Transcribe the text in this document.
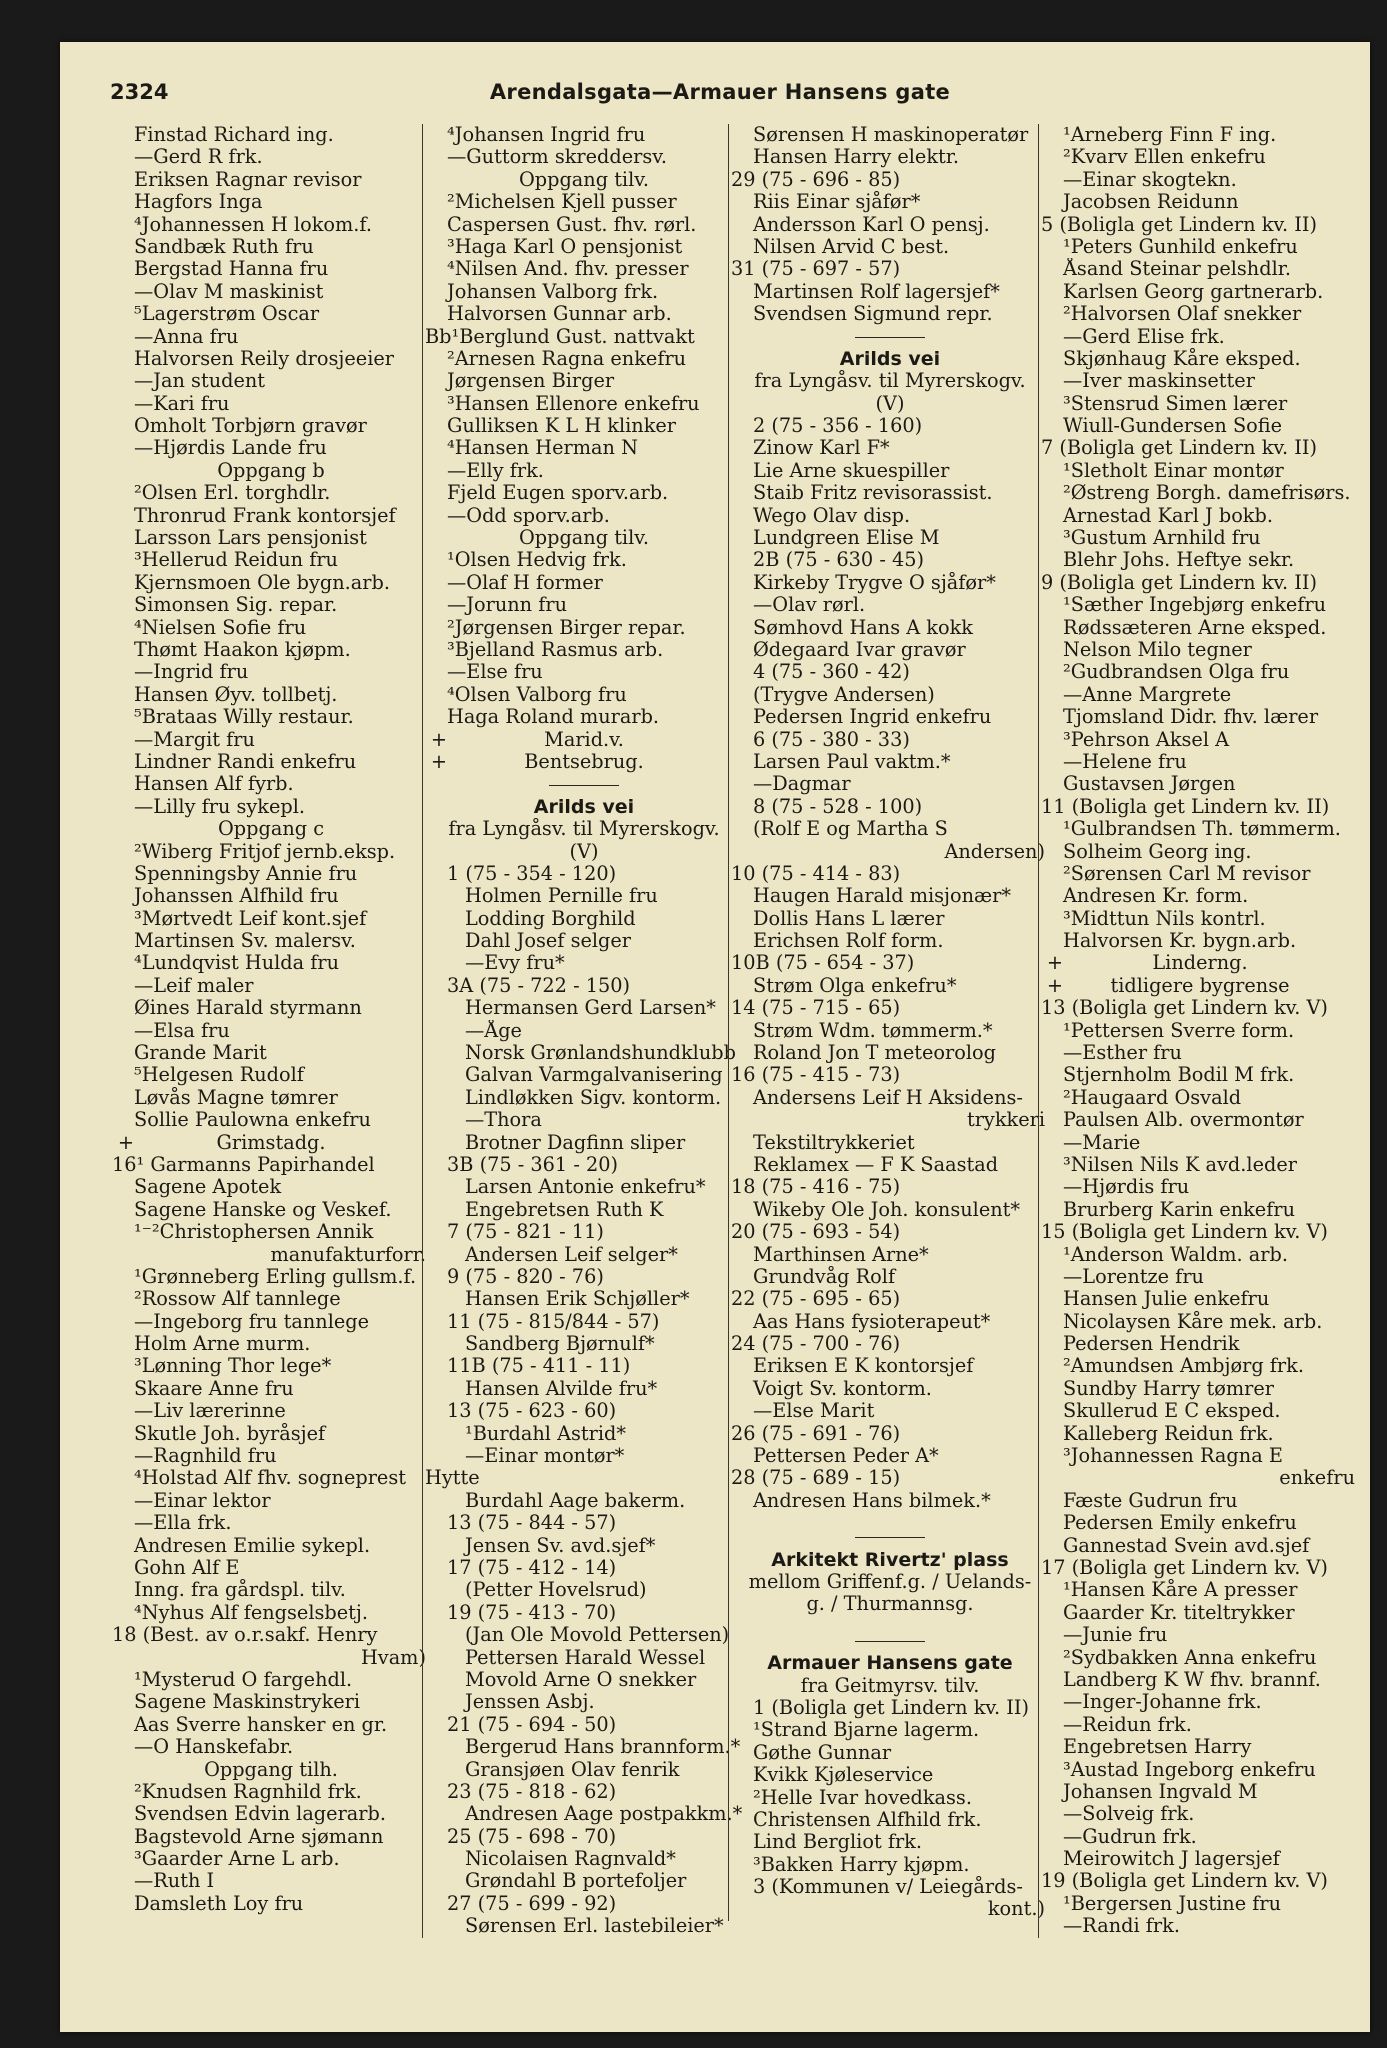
2324	Arendalsgata—Armauer Hansens gate
Finstad Richard ing.
—Gerd R frk.
Eriksen Ragnar revisor
Hagfors Inga
⁴Johannessen H lokom.f.
Sandbæk Ruth fru
Bergstad Hanna fru
—Olav M maskinist
⁵Lagerstrøm Oscar
—Anna fru
Halvorsen Reily drosjeeier
—Jan student
—Kari fru
Omholt Torbjørn gravør
—Hjørdis Lande fru
Oppgang b
²Olsen Erl. torghdlr.
Thronrud Frank kontorsjef
Larsson Lars pensjonist
³Hellerud Reidun fru
Kjernsmoen Ole bygn.arb.
Simonsen Sig. repar.
⁴Nielsen Sofie fru
Thømt Haakon kjøpm.
—Ingrid fru
Hansen Øyv. tollbetj.
⁵Brataas Willy restaur.
—Margit fru
Lindner Randi enkefru
Hansen Alf fyrb.
—Lilly fru sykepl.
Oppgang c
²Wiberg Fritjof jernb.eksp.
Spenningsby Annie fru
Johanssen Alfhild fru
³Mørtvedt Leif kont.sjef
Martinsen Sv. malersv.
⁴Lundqvist Hulda fru
—Leif maler
Øines Harald styrmann
—Elsa fru
Grande Marit
⁵Helgesen Rudolf
Løvås Magne tømrer
Sollie Paulowna enkefru
+	Grimstadg.
16¹ Garmanns Papirhandel
Sagene Apotek
Sagene Hanske og Veskef.
¹⁻²Christophersen Annik
manufakturforr.
¹Grønneberg Erling gullsm.f.
²Rossow Alf tannlege
—Ingeborg fru tannlege
Holm Arne murm.
³Lønning Thor lege*
Skaare Anne fru
—Liv lærerinne
Skutle Joh. byråsjef
—Ragnhild fru
⁴Holstad Alf fhv. sogneprest
—Einar lektor
—Ella frk.
Andresen Emilie sykepl.
Gohn Alf E
Inng. fra gårdspl. tilv.
⁴Nyhus Alf fengselsbetj.
18 (Best. av o.r.sakf. Henry
Hvam)
¹Mysterud O fargehdl.
Sagene Maskinstrykeri
Aas Sverre hansker en gr.
—O Hanskefabr.
Oppgang tilh.
²Knudsen Ragnhild frk.
Svendsen Edvin lagerarb.
Bagstevold Arne sjømann
³Gaarder Arne L arb.
—Ruth I
Damsleth Loy fru
⁴Johansen Ingrid fru
—Guttorm skreddersv.
Oppgang tilv.
²Michelsen Kjell pusser
Caspersen Gust. fhv. rørl.
³Haga Karl O pensjonist
⁴Nilsen And. fhv. presser
Johansen Valborg frk.
Halvorsen Gunnar arb.
Bb¹Berglund Gust. nattvakt
²Arnesen Ragna enkefru
Jørgensen Birger
³Hansen Ellenore enkefru
Gulliksen K L H klinker
⁴Hansen Herman N
—Elly frk.
Fjeld Eugen sporv.arb.
—Odd sporv.arb.
Oppgang tilv.
¹Olsen Hedvig frk.
—Olaf H former
—Jorunn fru
²Jørgensen Birger repar.
³Bjelland Rasmus arb.
—Else fru
⁴Olsen Valborg fru
Haga Roland murarb.
+	Marid.v.
+	Bentsebrug.
Arilds vei
fra Lyngåsv. til Myrerskogv.
(V)
1 (75 - 354 - 120)
Holmen Pernille fru
Lodding Borghild
Dahl Josef selger
—Evy fru*
3A (75 - 722 - 150)
Hermansen Gerd Larsen*
—Åge
Norsk Grønlandshundklubb
Galvan Varmgalvanisering
Lindløkken Sigv. kontorm.
—Thora
Brotner Dagfinn sliper
3B (75 - 361 - 20)
Larsen Antonie enkefru*
Engebretsen Ruth K
7 (75 - 821 - 11)
Andersen Leif selger*
9 (75 - 820 - 76)
Hansen Erik Schjøller*
11 (75 - 815/844 - 57)
Sandberg Bjørnulf*
11B (75 - 411 - 11)
Hansen Alvilde fru*
13 (75 - 623 - 60)
¹Burdahl Astrid*
—Einar montør*
Hytte
Burdahl Aage bakerm.
13 (75 - 844 - 57)
Jensen Sv. avd.sjef*
17 (75 - 412 - 14)
(Petter Hovelsrud)
19 (75 - 413 - 70)
(Jan Ole Movold Pettersen)
Pettersen Harald Wessel
Movold Arne O snekker
Jenssen Asbj.
21 (75 - 694 - 50)
Bergerud Hans brannform.*
Gransjøen Olav fenrik
23 (75 - 818 - 62)
Andresen Aage postpakkm.*
25 (75 - 698 - 70)
Nicolaisen Ragnvald*
Grøndahl B portefoljer
27 (75 - 699 - 92)
Sørensen Erl. lastebileier*
Sørensen H maskinoperatør
Hansen Harry elektr.
29 (75 - 696 - 85)
Riis Einar sjåfør*
Andersson Karl O pensj.
Nilsen Arvid C best.
31 (75 - 697 - 57)
Martinsen Rolf lagersjef*
Svendsen Sigmund repr.
Arilds vei
fra Lyngåsv. til Myrerskogv.
(V)
2 (75 - 356 - 160)
Zinow Karl F*
Lie Arne skuespiller
Staib Fritz revisorassist.
Wego Olav disp.
Lundgreen Elise M
2B (75 - 630 - 45)
Kirkeby Trygve O sjåfør*
—Olav rørl.
Sømhovd Hans A kokk
Ødegaard Ivar gravør
4 (75 - 360 - 42)
(Trygve Andersen)
Pedersen Ingrid enkefru
6 (75 - 380 - 33)
Larsen Paul vaktm.*
—Dagmar
8 (75 - 528 - 100)
(Rolf E og Martha S
Andersen)
10 (75 - 414 - 83)
Haugen Harald misjonær*
Dollis Hans L lærer
Erichsen Rolf form.
10B (75 - 654 - 37)
Strøm Olga enkefru*
14 (75 - 715 - 65)
Strøm Wdm. tømmerm.*
Roland Jon T meteorolog
16 (75 - 415 - 73)
Andersens Leif H Aksidens-
trykkeri
Tekstiltrykkeriet
Reklamex — F K Saastad
18 (75 - 416 - 75)
Wikeby Ole Joh. konsulent*
20 (75 - 693 - 54)
Marthinsen Arne*
Grundvåg Rolf
22 (75 - 695 - 65)
Aas Hans fysioterapeut*
24 (75 - 700 - 76)
Eriksen E K kontorsjef
Voigt Sv. kontorm.
—Else Marit
26 (75 - 691 - 76)
Pettersen Peder A*
28 (75 - 689 - 15)
Andresen Hans bilmek.*
Arkitekt Rivertz' plass
mellom Griffenf.g. / Uelands-
g. / Thurmannsg.
Armauer Hansens gate
fra Geitmyrsv. tilv.
1 (Boligla get Lindern kv. II)
¹Strand Bjarne lagerm.
Gøthe Gunnar
Kvikk Kjøleservice
²Helle Ivar hovedkass.
Christensen Alfhild frk.
Lind Bergliot frk.
³Bakken Harry kjøpm.
3 (Kommunen v/ Leiegårds-
kont.)
¹Arneberg Finn F ing.
²Kvarv Ellen enkefru
—Einar skogtekn.
Jacobsen Reidunn
5 (Boligla get Lindern kv. II)
¹Peters Gunhild enkefru
Åsand Steinar pelshdlr.
Karlsen Georg gartnerarb.
²Halvorsen Olaf snekker
—Gerd Elise frk.
Skjønhaug Kåre eksped.
—Iver maskinsetter
³Stensrud Simen lærer
Wiull-Gundersen Sofie
7 (Boligla get Lindern kv. II)
¹Sletholt Einar montør
²Østreng Borgh. damefrisørs.
Arnestad Karl J bokb.
³Gustum Arnhild fru
Blehr Johs. Heftye sekr.
9 (Boligla get Lindern kv. II)
¹Sæther Ingebjørg enkefru
Rødssæteren Arne eksped.
Nelson Milo tegner
²Gudbrandsen Olga fru
—Anne Margrete
Tjomsland Didr. fhv. lærer
³Pehrson Aksel A
—Helene fru
Gustavsen Jørgen
11 (Boligla get Lindern kv. II)
¹Gulbrandsen Th. tømmerm.
Solheim Georg ing.
²Sørensen Carl M revisor
Andresen Kr. form.
³Midttun Nils kontrl.
Halvorsen Kr. bygn.arb.
+	Linderng.
+	tidligere bygrense
13 (Boligla get Lindern kv. V)
¹Pettersen Sverre form.
—Esther fru
Stjernholm Bodil M frk.
²Haugaard Osvald
Paulsen Alb. overmontør
—Marie
³Nilsen Nils K avd.leder
—Hjørdis fru
Brurberg Karin enkefru
15 (Boligla get Lindern kv. V)
¹Anderson Waldm. arb.
—Lorentze fru
Hansen Julie enkefru
Nicolaysen Kåre mek. arb.
Pedersen Hendrik
²Amundsen Ambjørg frk.
Sundby Harry tømrer
Skullerud E C eksped.
Kalleberg Reidun frk.
³Johannessen Ragna E
enkefru
Fæste Gudrun fru
Pedersen Emily enkefru
Gannestad Svein avd.sjef
17 (Boligla get Lindern kv. V)
¹Hansen Kåre A presser
Gaarder Kr. titeltrykker
—Junie fru
²Sydbakken Anna enkefru
Landberg K W fhv. brannf.
—Inger-Johanne frk.
—Reidun frk.
Engebretsen Harry
³Austad Ingeborg enkefru
Johansen Ingvald M
—Solveig frk.
—Gudrun frk.
Meirowitch J lagersjef
19 (Boligla get Lindern kv. V)
¹Bergersen Justine fru
—Randi frk.
